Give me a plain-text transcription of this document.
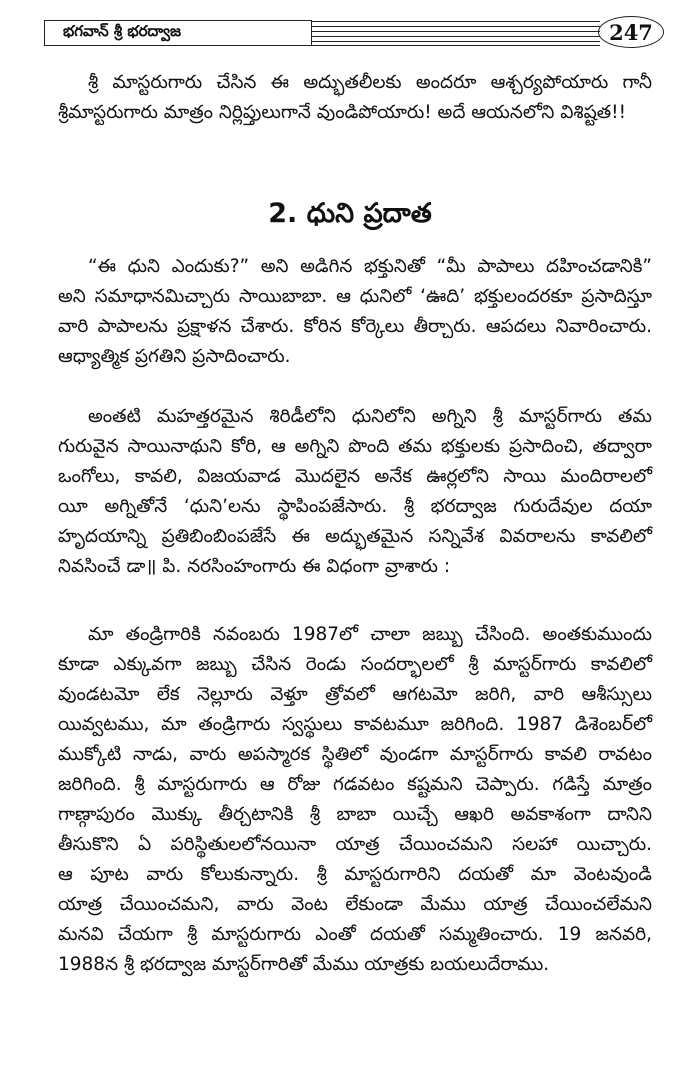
భగవాన్ శ్రీ భరద్వాజ	247
శ్రీ మాస్టరుగారు చేసిన ఈ అద్భుతలీలకు అందరూ ఆశ్చర్యపోయారు గానీ
శ్రీమాస్టరుగారు మాత్రం నిర్లిప్తులుగానే వుండిపోయారు! అదే ఆయనలోని విశిష్టత!!
2. ధుని ప్రదాత
“ఈ ధుని ఎందుకు?” అని అడిగిన భక్తునితో “మీ పాపాలు దహించడానికి”
అని సమాధానమిచ్చారు సాయిబాబా. ఆ ధునిలో ‘ఊది’ భక్తులందరకూ ప్రసాదిస్తూ
వారి పాపాలను ప్రక్షాళన చేశారు. కోరిన కోర్కెలు తీర్చారు. ఆపదలు నివారించారు.
ఆధ్యాత్మిక ప్రగతిని ప్రసాదించారు.
అంతటి మహత్తరమైన శిరిడీలోని ధునిలోని అగ్నిని శ్రీ మాస్టర్‌గారు తమ
గురువైన సాయినాథుని కోరి, ఆ అగ్నిని పొంది తమ భక్తులకు ప్రసాదించి, తద్వారా
ఒంగోలు, కావలి, విజయవాడ మొదలైన అనేక ఊర్లలోని సాయి మందిరాలలో
యీ అగ్నితోనే ‘ధుని’లను స్థాపింపజేసారు. శ్రీ భరద్వాజ గురుదేవుల దయా
హృదయాన్ని ప్రతిబింబింపజేసే ఈ అద్భుతమైన సన్నివేశ వివరాలను కావలిలో
నివసించే డా॥ పి. నరసింహంగారు ఈ విధంగా వ్రాశారు :
మా తండ్రిగారికి నవంబరు 1987లో చాలా జబ్బు చేసింది. అంతకుముందు
కూడా ఎక్కువగా జబ్బు చేసిన రెండు సందర్భాలలో శ్రీ మాస్టర్‌గారు కావలిలో
వుండటమో లేక నెల్లూరు వెళ్తూ త్రోవలో ఆగటమో జరిగి, వారి ఆశీస్సులు
యివ్వటము, మా తండ్రిగారు స్వస్థులు కావటమూ జరిగింది. 1987 డిశెంబర్‌లో
ముక్కోటి నాడు, వారు అపస్మారక స్థితిలో వుండగా మాస్టర్‌గారు కావలి రావటం
జరిగింది. శ్రీ మాస్టరుగారు ఆ రోజు గడవటం కష్టమని చెప్పారు. గడిస్తే మాత్రం
గాణ్గాపురం మొక్కు తీర్చటానికి శ్రీ బాబా యిచ్చే ఆఖరి అవకాశంగా దానిని
తీసుకొని ఏ పరిస్థితులలోనయినా యాత్ర చేయించమని సలహా యిచ్చారు.
ఆ పూట వారు కోలుకున్నారు. శ్రీ మాస్టరుగారిని దయతో మా వెంటవుండి
యాత్ర చేయించమని, వారు వెంట లేకుండా మేము యాత్ర చేయించలేమని
మనవి చేయగా శ్రీ మాస్టరుగారు ఎంతో దయతో సమ్మతించారు. 19 జనవరి,
1988న శ్రీ భరద్వాజ మాస్టర్‌గారితో మేము యాత్రకు బయలుదేరాము.
